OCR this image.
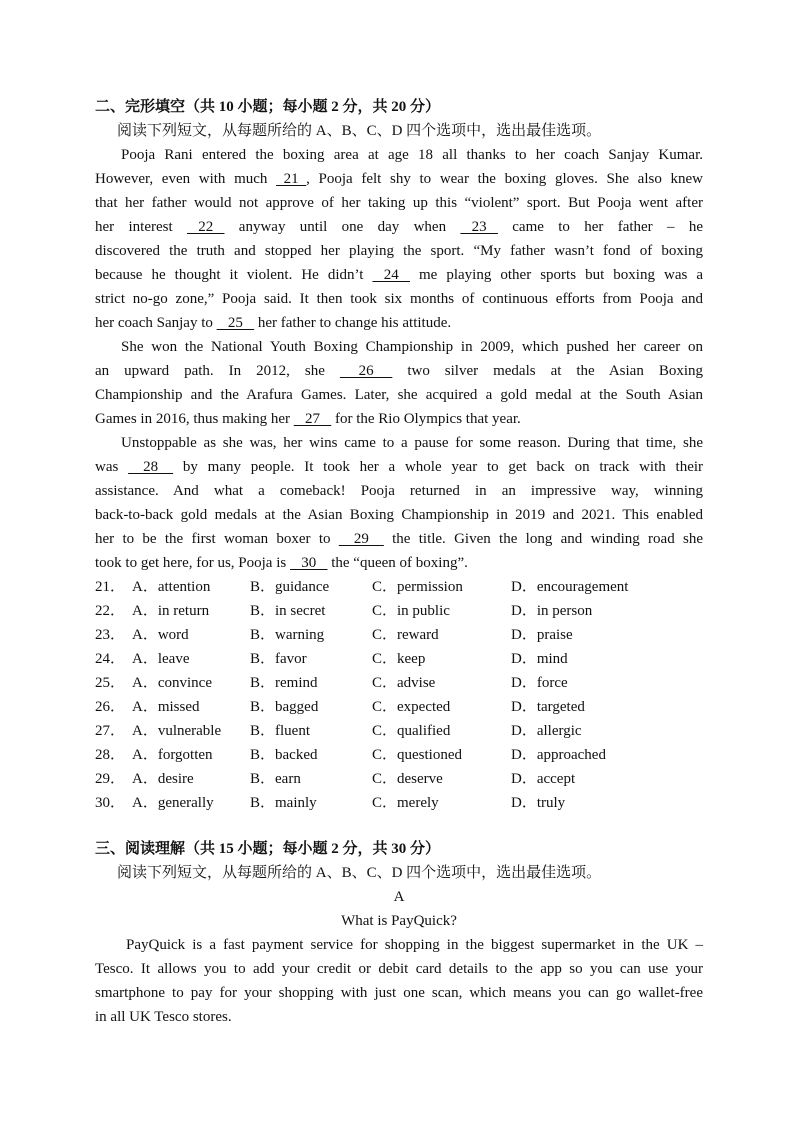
二、完形填空（共 10 小题；每小题 2 分，共 20 分）
阅读下列短文，从每题所给的 A、B、C、D 四个选项中，选出最佳选项。
Pooja Rani entered the boxing area at age 18 all thanks to her coach Sanjay Kumar.
However, even with much   21  , Pooja felt shy to wear the boxing gloves. She also knew
that her father would not approve of her taking up this “violent” sport. But Pooja went after
her interest    22    anyway until one day when    23    came to her father – he
discovered the truth and stopped her playing the sport. “My father wasn’t fond of boxing
because he thought it violent. He didn’t    24    me playing other sports but boxing was a
strict no-go zone,” Pooja said. It then took six months of continuous efforts from Pooja and
her coach Sanjay to    25    her father to change his attitude.
She won the National Youth Boxing Championship in 2009, which pushed her career on
an upward path. In 2012, she      26      two silver medals at the Asian Boxing
Championship and the Arafura Games. Later, she acquired a gold medal at the South Asian
Games in 2016, thus making her    27    for the Rio Olympics that year.
Unstoppable as she was, her wins came to a pause for some reason. During that time, she
was     28     by many people. It took her a whole year to get back on track with their
assistance. And what a comeback! Pooja returned in an impressive way, winning
back-to-back gold medals at the Asian Boxing Championship in 2019 and 2021. This enabled
her to be the first woman boxer to     29     the title. Given the long and winding road she
took to get here, for us, Pooja is    30    the “queen of boxing”.
21． A．attention	B．guidance	C．permission	D．encouragement
22． A．in return	B．in secret	C．in public	D．in person
23． A．word	B．warning	C．reward	D．praise
24． A．leave	B．favor	C．keep	D．mind
25． A．convince	B．remind	C．advise	D．force
26． A．missed	B．bagged	C．expected	D．targeted
27． A．vulnerable B．fluent	C．qualified	D．allergic
28． A．forgotten B．backed	C．questioned	D．approached
29． A．desire	B．earn	C．deserve	D．accept
30． A．generally B．mainly	C．merely	D．truly
三、阅读理解（共 15 小题；每小题 2 分，共 30 分）
阅读下列短文，从每题所给的 A、B、C、D 四个选项中，选出最佳选项。
A
What is PayQuick?
PayQuick is a fast payment service for shopping in the biggest supermarket in the UK –
Tesco. It allows you to add your credit or debit card details to the app so you can use your
smartphone to pay for your shopping with just one scan, which means you can go wallet-free
in all UK Tesco stores.
